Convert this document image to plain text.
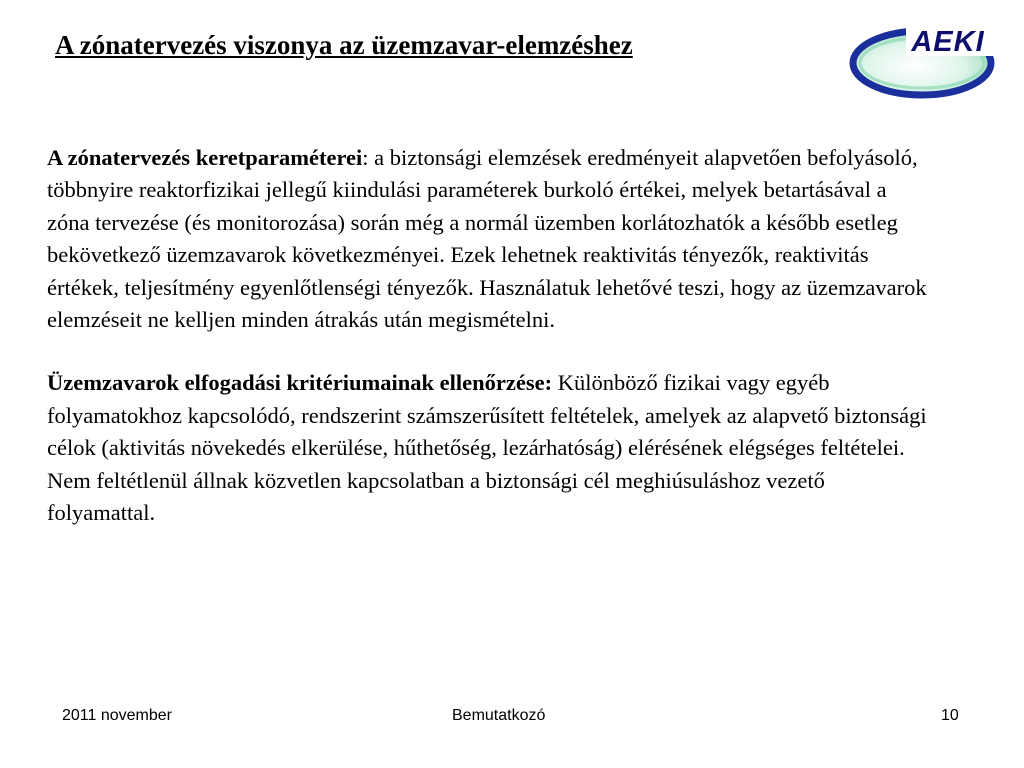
A zónatervezés viszonya az üzemzavar-elemzéshez	AEKI

A zónatervezés keretparaméterei: a biztonsági elemzések eredményeit alapvetően befolyásoló, többnyire reaktorfizikai jellegű kiindulási paraméterek burkoló értékei, melyek betartásával a zóna tervezése (és monitorozása) során még a normál üzemben korlátozhatók a később esetleg bekövetkező üzemzavarok következményei. Ezek lehetnek reaktivitás tényezők, reaktivitás értékek, teljesítmény egyenlőtlenségi tényezők. Használatuk lehetővé teszi, hogy az üzemzavarok elemzéseit ne kelljen minden átrakás után megismételni.

Üzemzavarok elfogadási kritériumainak ellenőrzése: Különböző fizikai vagy egyéb folyamatokhoz kapcsolódó, rendszerint számszerűsített feltételek, amelyek az alapvető biztonsági célok (aktivitás növekedés elkerülése, hűthetőség, lezárhatóság) elérésének elégséges feltételei. Nem feltétlenül állnak közvetlen kapcsolatban a biztonsági cél meghiúsuláshoz vezető folyamattal.

2011 november	Bemutatkozó	10
